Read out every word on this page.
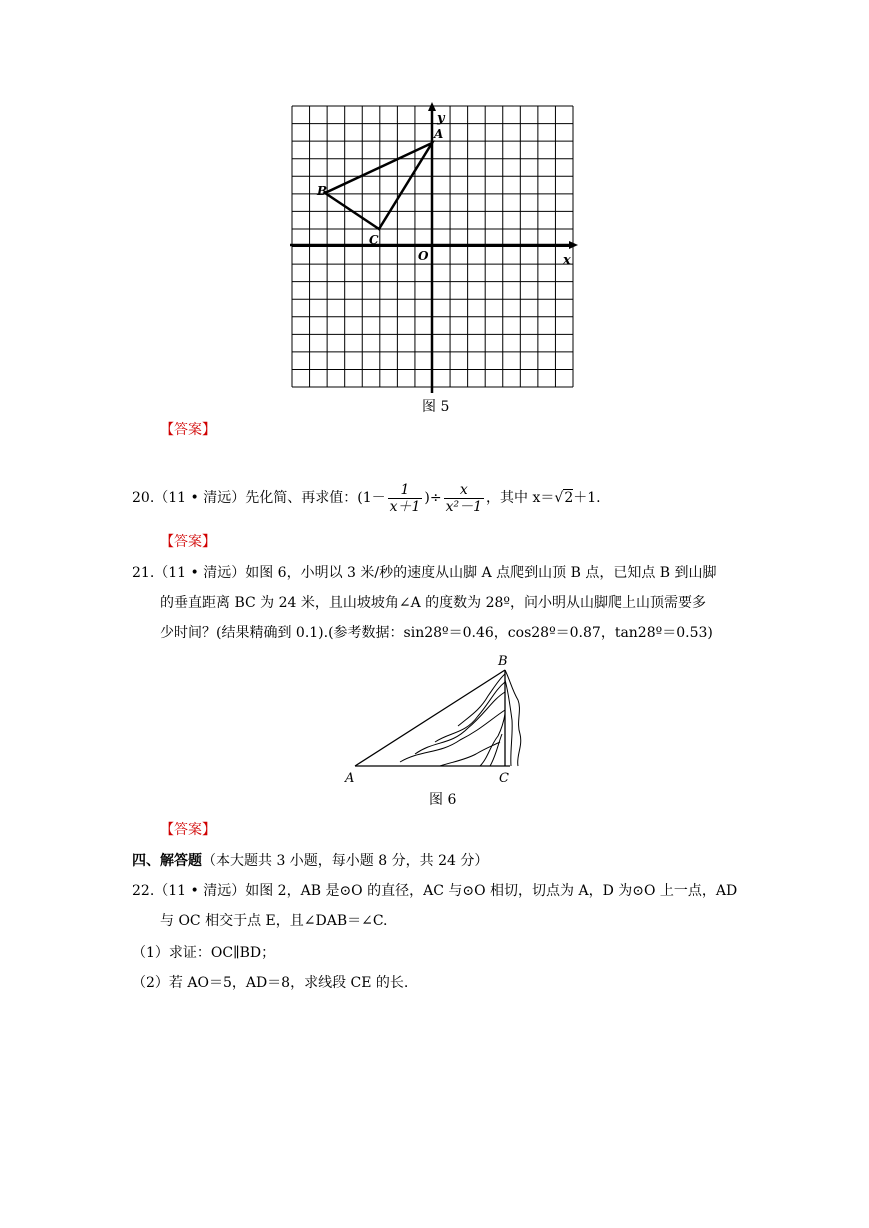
y
A
B
C
O	x
图 5
【答案】
20.（11 • 清远）先化简、再求值：($1- \frac{1}{x+1}$ )÷ $\frac{x}{\text{x²－1}}$ ，其中 x＝√2＋1.
【答案】
21.（11 • 清远）如图 6，小明以 3 米/秒的速度从山脚 A 点爬到山顶 B 点，已知点 B 到山脚
的垂直距离 BC 为 24 米，且山坡坡角∠A 的度数为 28º，问小明从山脚爬上山顶需要多
少时间？(结果精确到 0.1).(参考数据：sin28º＝0.46，cos28º＝0.87，tan28º＝0.53)
A
B
C
图 6
【答案】
四、解答题（本大题共 3 小题，每小题 8 分，共 24 分）
22.（11 • 清远）如图 2，AB 是⊙O 的直径，AC 与⊙O 相切，切点为 A，D 为⊙O 上一点，AD
与 OC 相交于点 E，且∠DAB＝∠C.
（1）求证：OC∥BD；
（2）若 AO＝5，AD＝8，求线段 CE 的长.
